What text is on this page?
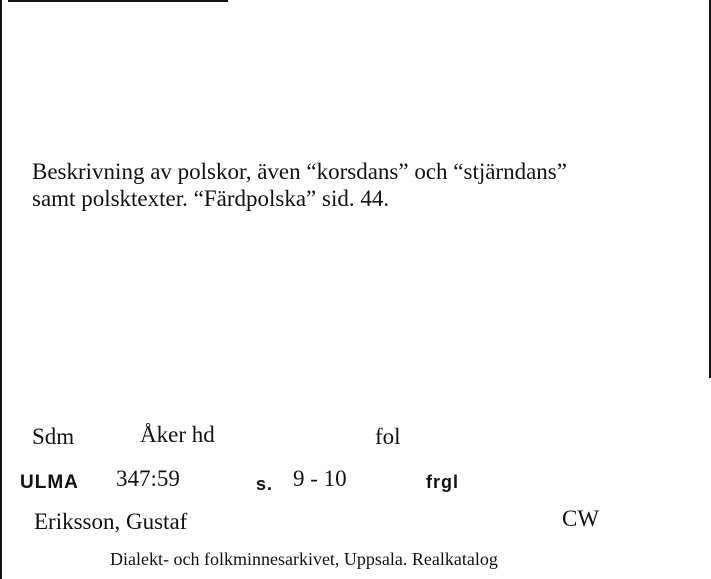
Beskrivning av polskor, även “korsdans” och “stjärndans”
samt polsktexter. “Färdpolska” sid. 44.
Sdm	Åker hd	fol
ULMA 347:59	s. 9 - 10	frgl
Eriksson, Gustaf	CW
Dialekt- och folkminnesarkivet, Uppsala. Realkatalog
